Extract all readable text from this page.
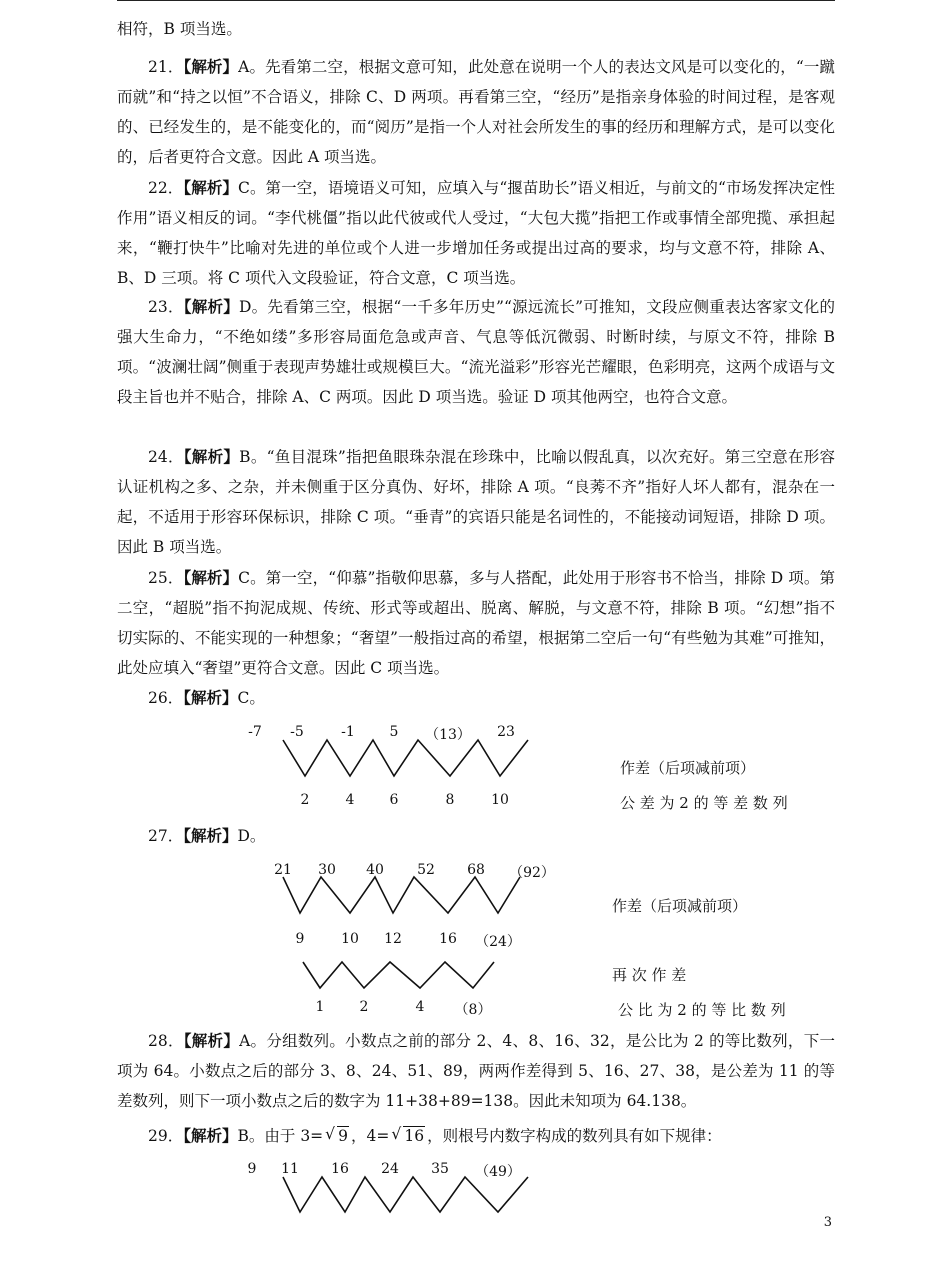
相符，B 项当选。

21．【解析】A。先看第二空，根据文意可知，此处意在说明一个人的表达文风是可以变化的，“一蹴而就”和“持之以恒”不合语义，排除 C、D 两项。再看第三空，“经历”是指亲身体验的时间过程，是客观的、已经发生的，是不能变化的，而“阅历”是指一个人对社会所发生的事的经历和理解方式，是可以变化的，后者更符合文意。因此 A 项当选。

22．【解析】C。第一空，语境语义可知，应填入与“揠苗助长”语义相近，与前文的“市场发挥决定性作用”语义相反的词。“李代桃僵”指以此代彼或代人受过，“大包大揽”指把工作或事情全部兜揽、承担起来，“鞭打快牛”比喻对先进的单位或个人进一步增加任务或提出过高的要求，均与文意不符，排除 A、B、D 三项。将 C 项代入文段验证，符合文意，C 项当选。

23．【解析】D。先看第三空，根据“一千多年历史”“源远流长”可推知，文段应侧重表达客家文化的强大生命力，“不绝如缕”多形容局面危急或声音、气息等低沉微弱、时断时续，与原文不符，排除 B 项。“波澜壮阔”侧重于表现声势雄壮或规模巨大。“流光溢彩”形容光芒耀眼，色彩明亮，这两个成语与文段主旨也并不贴合，排除 A、C 两项。因此 D 项当选。验证 D 项其他两空，也符合文意。

24．【解析】B。“鱼目混珠”指把鱼眼珠杂混在珍珠中，比喻以假乱真，以次充好。第三空意在形容认证机构之多、之杂，并未侧重于区分真伪、好坏，排除 A 项。“良莠不齐”指好人坏人都有，混杂在一起，不适用于形容环保标识，排除 C 项。“垂青”的宾语只能是名词性的，不能接动词短语，排除 D 项。因此 B 项当选。

25．【解析】C。第一空，“仰慕”指敬仰思慕，多与人搭配，此处用于形容书不恰当，排除 D 项。第二空，“超脱”指不拘泥成规、传统、形式等或超出、脱离、解脱，与文意不符，排除 B 项。“幻想”指不切实际的、不能实现的一种想象；“奢望”一般指过高的希望，根据第二空后一句“有些勉为其难”可推知，此处应填入“奢望”更符合文意。因此 C 项当选。

26．【解析】C。
-7 -5	-1 5 （13） 23
2	4	6	8	10
作差（后项减前项）
公 差 为 2 的 等 差 数 列
27．【解析】D。
21 30 40 52 68 （92）
9	10 12	16 （24）
1	2	4 （8）
作差（后项减前项）
再 次 作 差
公 比 为 2 的 等 比 数 列

28．【解析】A。分组数列。小数点之前的部分 2、4、8、16、32，是公比为 2 的等比数列，下一项为 64。小数点之后的部分 3、8、24、51、89，两两作差得到 5、16、27、38，是公差为 11 的等差数列，则下一项小数点之后的数字为 11+38+89=138。因此未知项为 64.138。

29．【解析】B。由于 3= √ 9 ，4= √ 16 ，则根号内数字构成的数列具有如下规律：
9 11 16 24 35 （49）
3
